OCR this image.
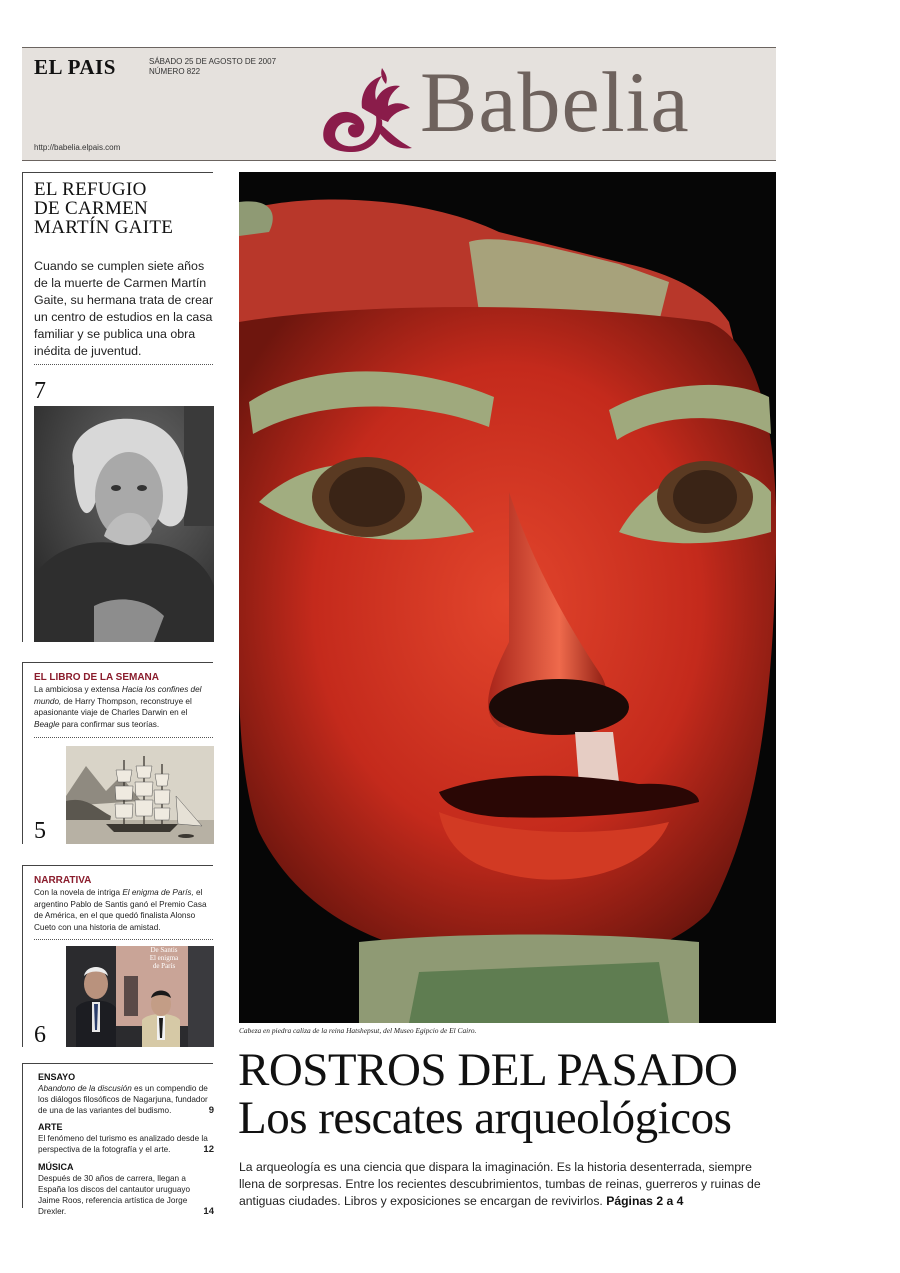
EL PAIS	SÁBADO 25 DE AGOSTO DE 2007
NÚMERO 822
http://babelia.elpais.com	Babelia
EL REFUGIO
DE CARMEN
MARTÍN GAITE
Cuando se cumplen siete años de la muerte de Carmen Martín Gaite, su hermana trata de crear un centro de estudios en la casa familiar y se publica una obra inédita de juventud.
7
EL LIBRO DE LA SEMANA
La ambiciosa y extensa Hacia los confines del mundo, de Harry Thompson, reconstruye el apasionante viaje de Charles Darwin en el Beagle para confirmar sus teorías.
5
NARRATIVA
Con la novela de intriga El enigma de París, el argentino Pablo de Santis ganó el Premio Casa de América, en el que quedó finalista Alonso Cueto con una historia de amistad.
De Santis
El enigma
de París
6
ENSAYO
Abandono de la discusión es un compendio de los diálogos filosóficos de Nagarjuna, fundador de una de las variantes del budismo.	9
ARTE
El fenómeno del turismo es analizado desde la perspectiva de la fotografía y el arte.	12
MÚSICA
Después de 30 años de carrera, llegan a España los discos del cantautor uruguayo Jaime Roos, referencia artística de Jorge Drexler.	14
Cabeza en piedra caliza de la reina Hatshepsut, del Museo Egipcio de El Cairo.
ROSTROS DEL PASADO
Los rescates arqueológicos
La arqueología es una ciencia que dispara la imaginación. Es la historia desenterrada, siempre llena de sorpresas. Entre los recientes descubrimientos, tumbas de reinas, guerreros y ruinas de antiguas ciudades. Libros y exposiciones se encargan de revivirlos. Páginas 2 a 4
